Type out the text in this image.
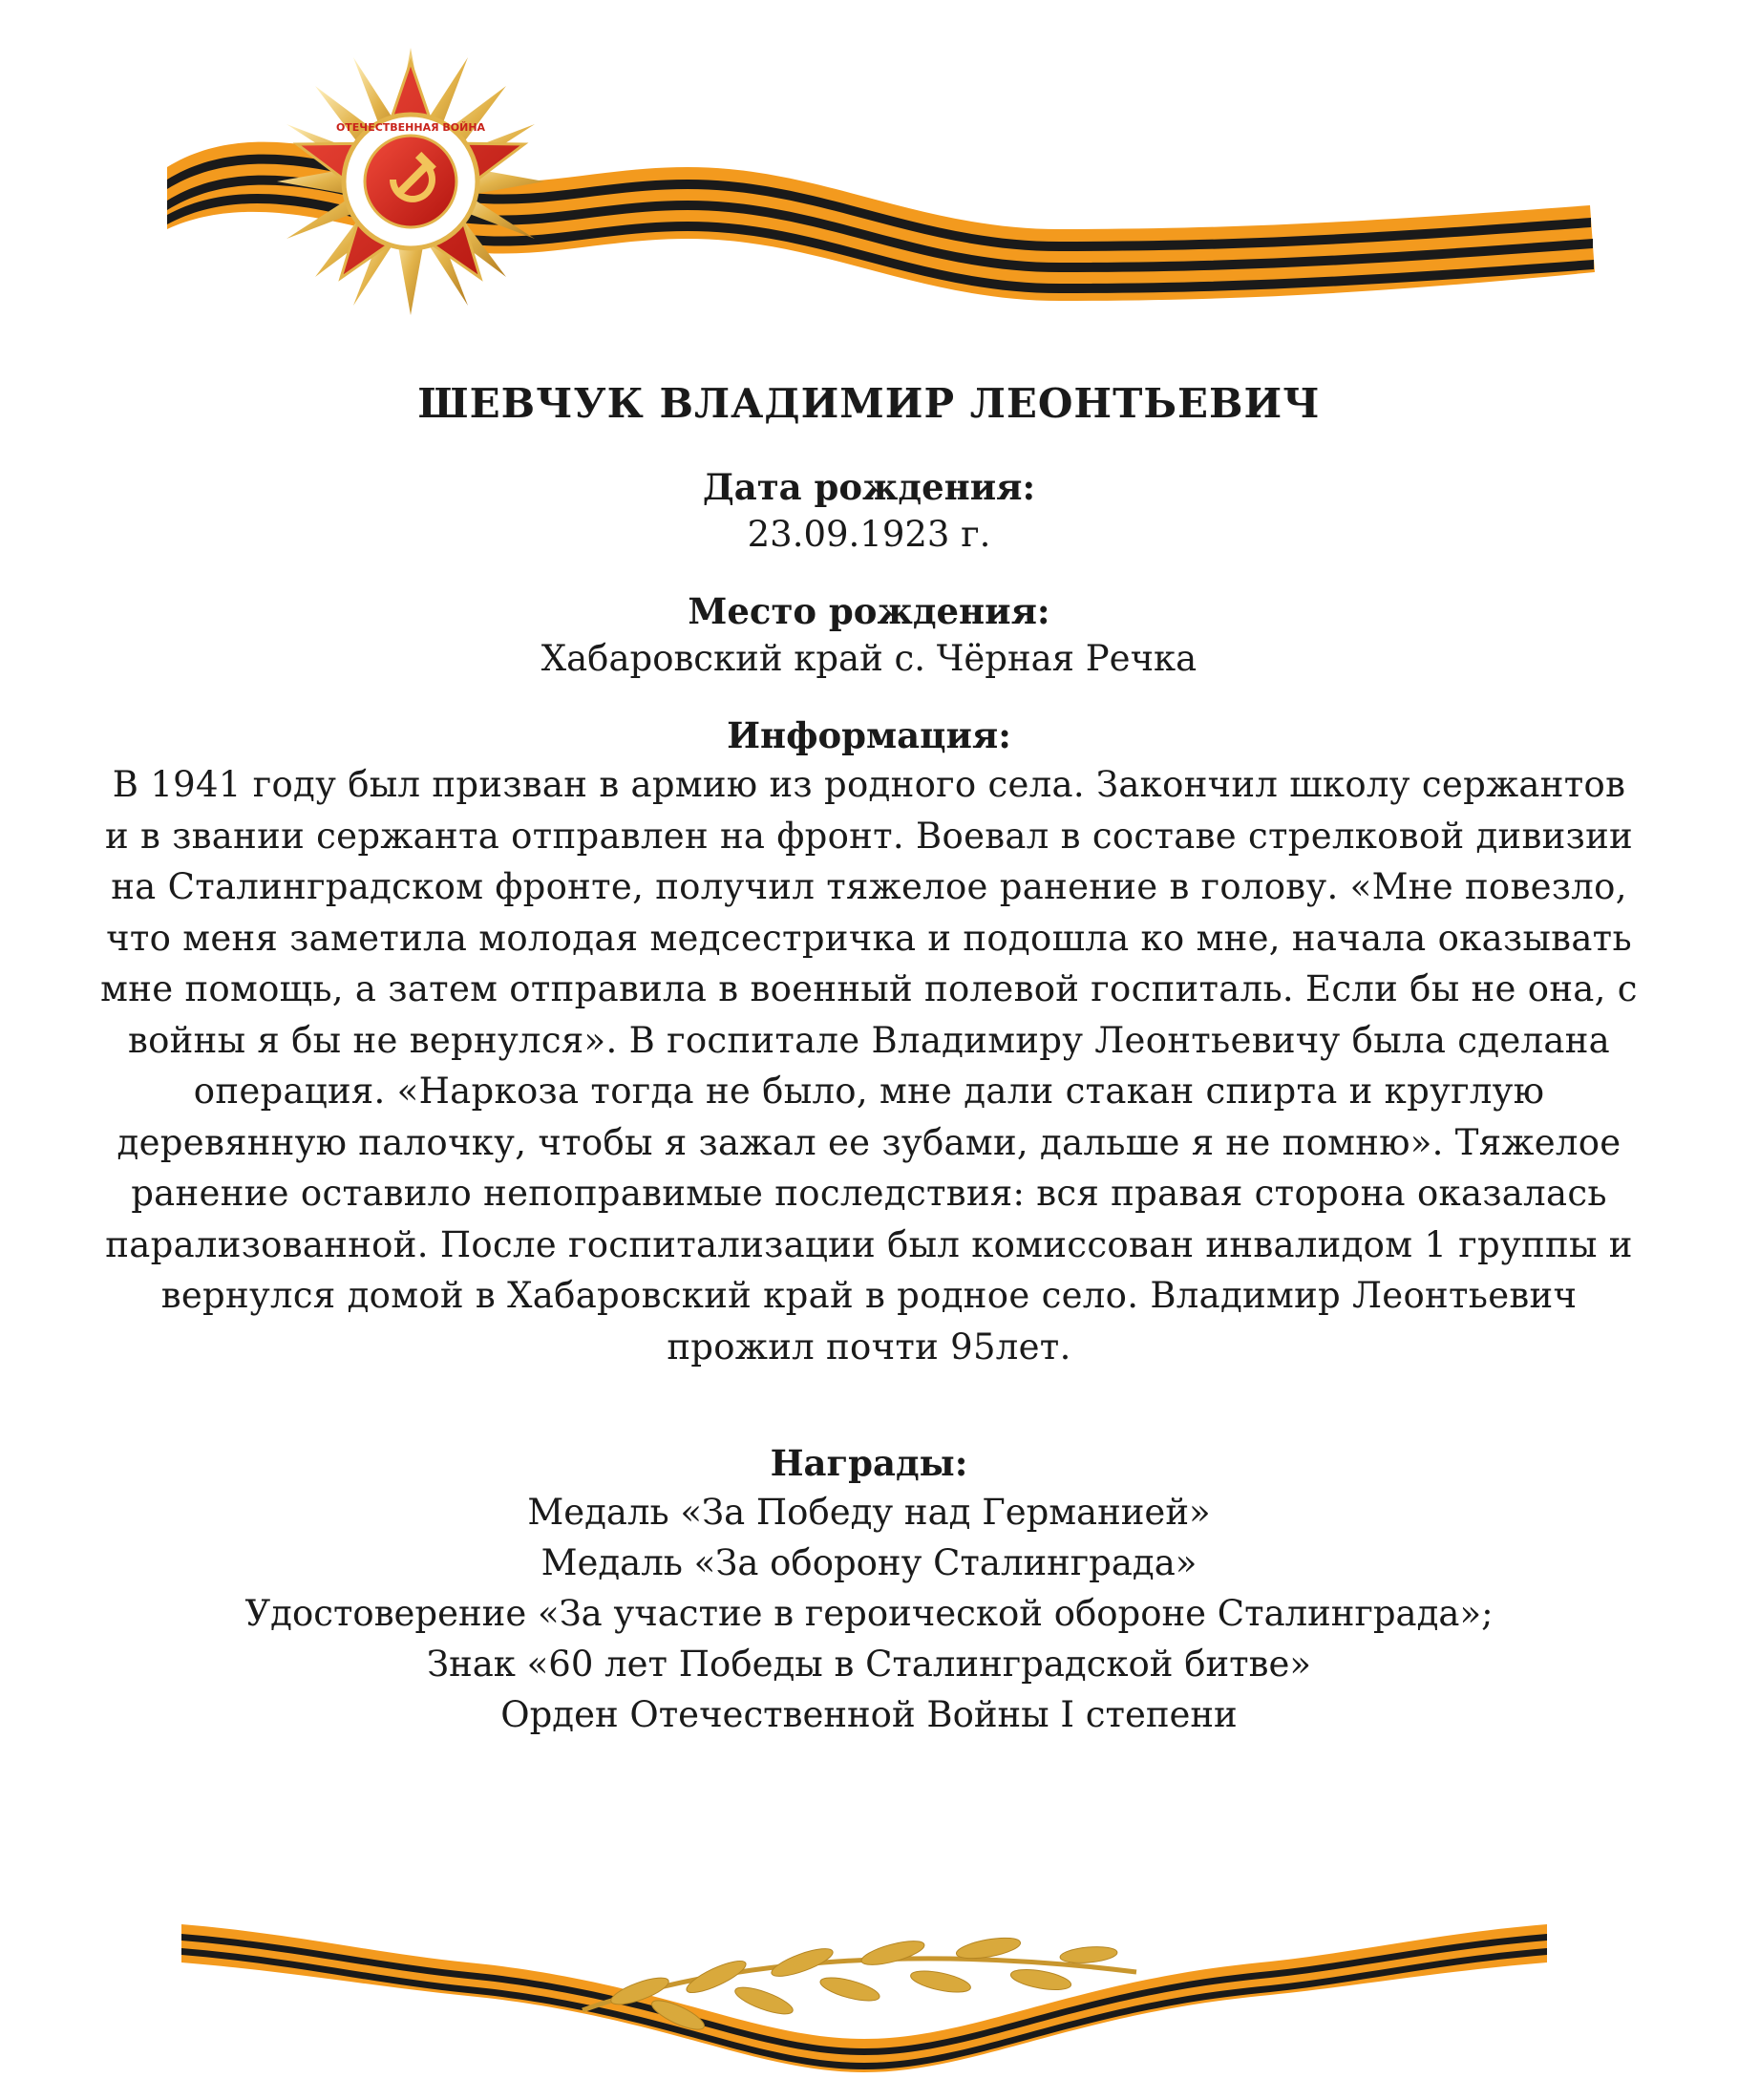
ОТЕЧЕСТВЕННАЯ ВОЙНА
ШЕВЧУК ВЛАДИМИР ЛЕОНТЬЕВИЧ

Дата рождения:

23.09.1923 г.

Место рождения:

Хабаровский край с. Чёрная Речка

Информация:

В 1941 году был призван в армию из родного села. Закончил школу сержантов и в звании сержанта отправлен на фронт. Воевал в составе стрелковой дивизии на Сталинградском фронте, получил тяжелое ранение в голову. «Мне повезло, что меня заметила молодая медсестричка и подошла ко мне, начала оказывать мне помощь, а затем отправила в военный полевой госпиталь. Если бы не она, с войны я бы не вернулся». В госпитале Владимиру Леонтьевичу была сделана операция. «Наркоза тогда не было, мне дали стакан спирта и круглую деревянную палочку, чтобы я зажал ее зубами, дальше я не помню». Тяжелое ранение оставило непоправимые последствия: вся правая сторона оказалась парализованной. После госпитализации был комиссован инвалидом 1 группы и вернулся домой в Хабаровский край в родное село. Владимир Леонтьевич прожил почти 95лет.

Награды:

Медаль «За Победу над Германией»

Медаль «За оборону Сталинграда»

Удостоверение «За участие в героической обороне Сталинграда»;

Знак «60 лет Победы в Сталинградской битве»

Орден Отечественной Войны I степени
